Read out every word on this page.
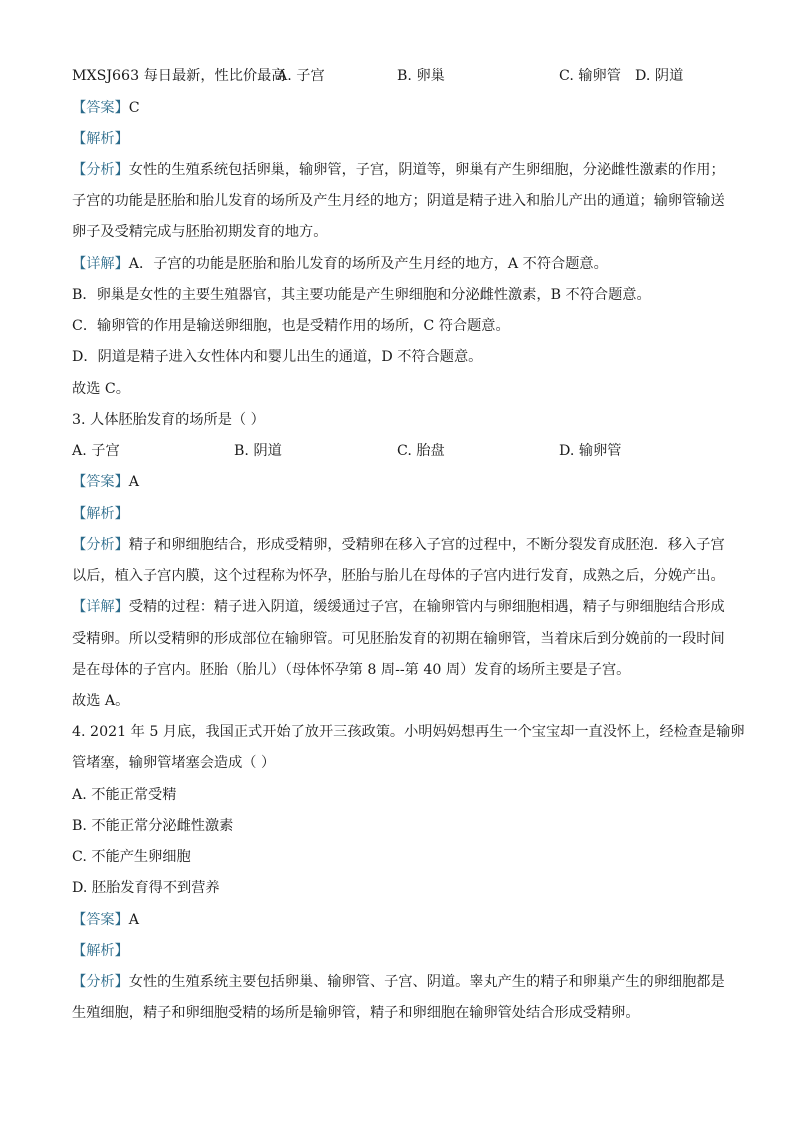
MXSJ663 每日最新，性比价最高
A. 子宫	B. 卵巢	C. 输卵管 D. 阴道
【答案】C
【解析】
【分析】女性的生殖系统包括卵巢，输卵管，子宫，阴道等，卵巢有产生卵细胞，分泌雌性激素的作用；
子宫的功能是胚胎和胎儿发育的场所及产生月经的地方；阴道是精子进入和胎儿产出的通道；输卵管输送
卵子及受精完成与胚胎初期发育的地方。
【详解】A．子宫的功能是胚胎和胎儿发育的场所及产生月经的地方，A 不符合题意。
B．卵巢是女性的主要生殖器官，其主要功能是产生卵细胞和分泌雌性激素，B 不符合题意。
C．输卵管的作用是输送卵细胞，也是受精作用的场所，C 符合题意。
D．阴道是精子进入女性体内和婴儿出生的通道，D 不符合题意。
故选 C。
3. 人体胚胎发育的场所是（ ）
A. 子宫	B. 阴道	C. 胎盘	D. 输卵管
【答案】A
【解析】
【分析】精子和卵细胞结合，形成受精卵，受精卵在移入子宫的过程中，不断分裂发育成胚泡．移入子宫
以后，植入子宫内膜，这个过程称为怀孕，胚胎与胎儿在母体的子宫内进行发育，成熟之后，分娩产出。
【详解】受精的过程：精子进入阴道，缓缓通过子宫，在输卵管内与卵细胞相遇，精子与卵细胞结合形成
受精卵。所以受精卵的形成部位在输卵管。可见胚胎发育的初期在输卵管，当着床后到分娩前的一段时间
是在母体的子宫内。胚胎（胎儿）（母体怀孕第 8 周--第 40 周）发育的场所主要是子宫。
故选 A。
4. 2021 年 5 月底，我国正式开始了放开三孩政策。小明妈妈想再生一个宝宝却一直没怀上，经检查是输卵
管堵塞，输卵管堵塞会造成（ ）
A. 不能正常受精
B. 不能正常分泌雌性激素
C. 不能产生卵细胞
D. 胚胎发育得不到营养
【答案】A
【解析】
【分析】女性的生殖系统主要包括卵巢、输卵管、子宫、阴道。睾丸产生的精子和卵巢产生的卵细胞都是
生殖细胞，精子和卵细胞受精的场所是输卵管，精子和卵细胞在输卵管处结合形成受精卵。
